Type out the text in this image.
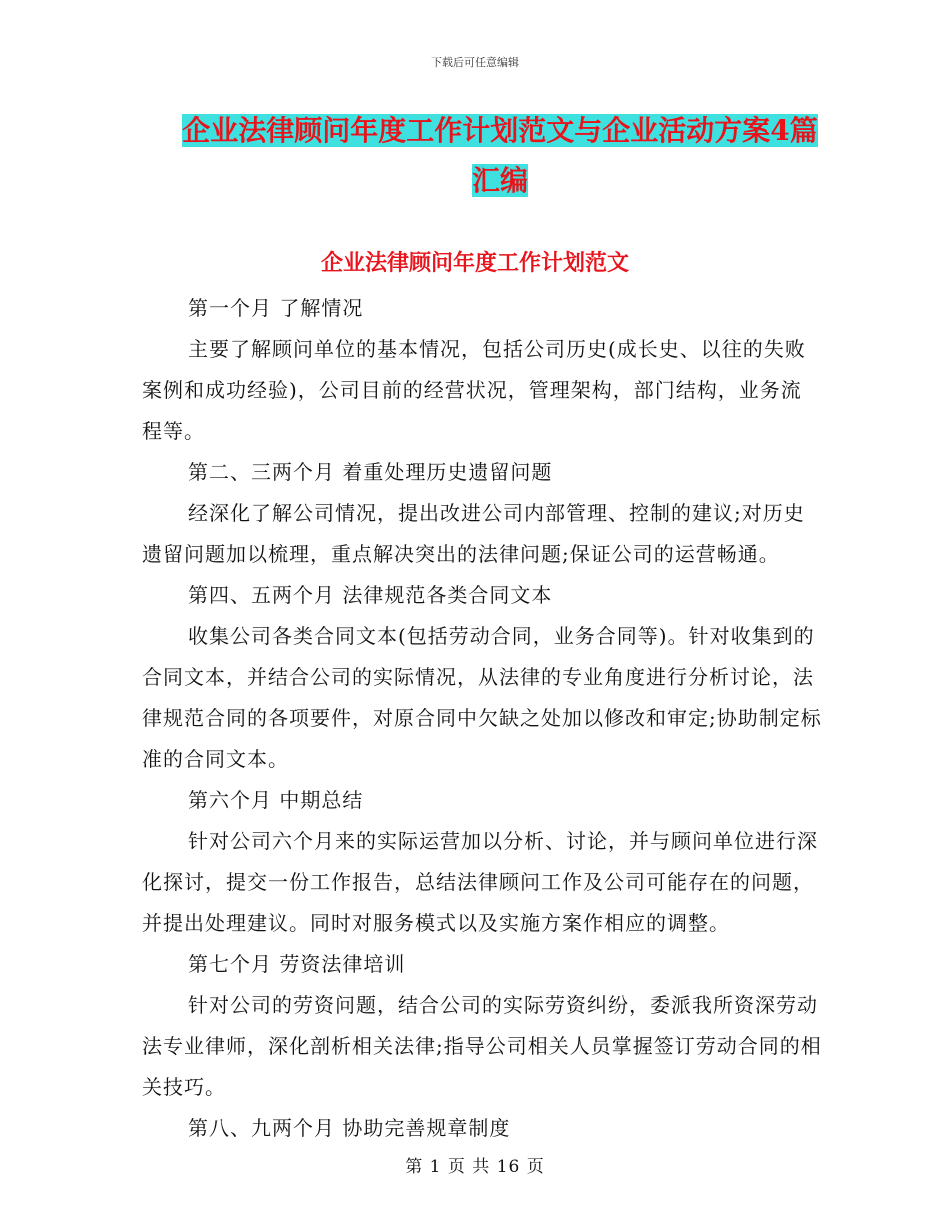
下载后可任意编辑
企业法律顾问年度工作计划范文与企业活动方案4篇
汇编
企业法律顾问年度工作计划范文

第一个月 了解情况

主要了解顾问单位的基本情况，包括公司历史(成长史、以往的失败案例和成功经验)，公司目前的经营状况，管理架构，部门结构，业务流程等。

第二、三两个月 着重处理历史遗留问题

经深化了解公司情况，提出改进公司内部管理、控制的建议;对历史遗留问题加以梳理，重点解决突出的法律问题;保证公司的运营畅通。

第四、五两个月 法律规范各类合同文本

收集公司各类合同文本(包括劳动合同，业务合同等)。针对收集到的合同文本，并结合公司的实际情况，从法律的专业角度进行分析讨论，法律规范合同的各项要件，对原合同中欠缺之处加以修改和审定;协助制定标准的合同文本。

第六个月 中期总结

针对公司六个月来的实际运营加以分析、讨论，并与顾问单位进行深化探讨，提交一份工作报告，总结法律顾问工作及公司可能存在的问题，并提出处理建议。同时对服务模式以及实施方案作相应的调整。

第七个月 劳资法律培训

针对公司的劳资问题，结合公司的实际劳资纠纷，委派我所资深劳动法专业律师，深化剖析相关法律;指导公司相关人员掌握签订劳动合同的相关技巧。

第八、九两个月 协助完善规章制度

第 1 页 共 16 页
